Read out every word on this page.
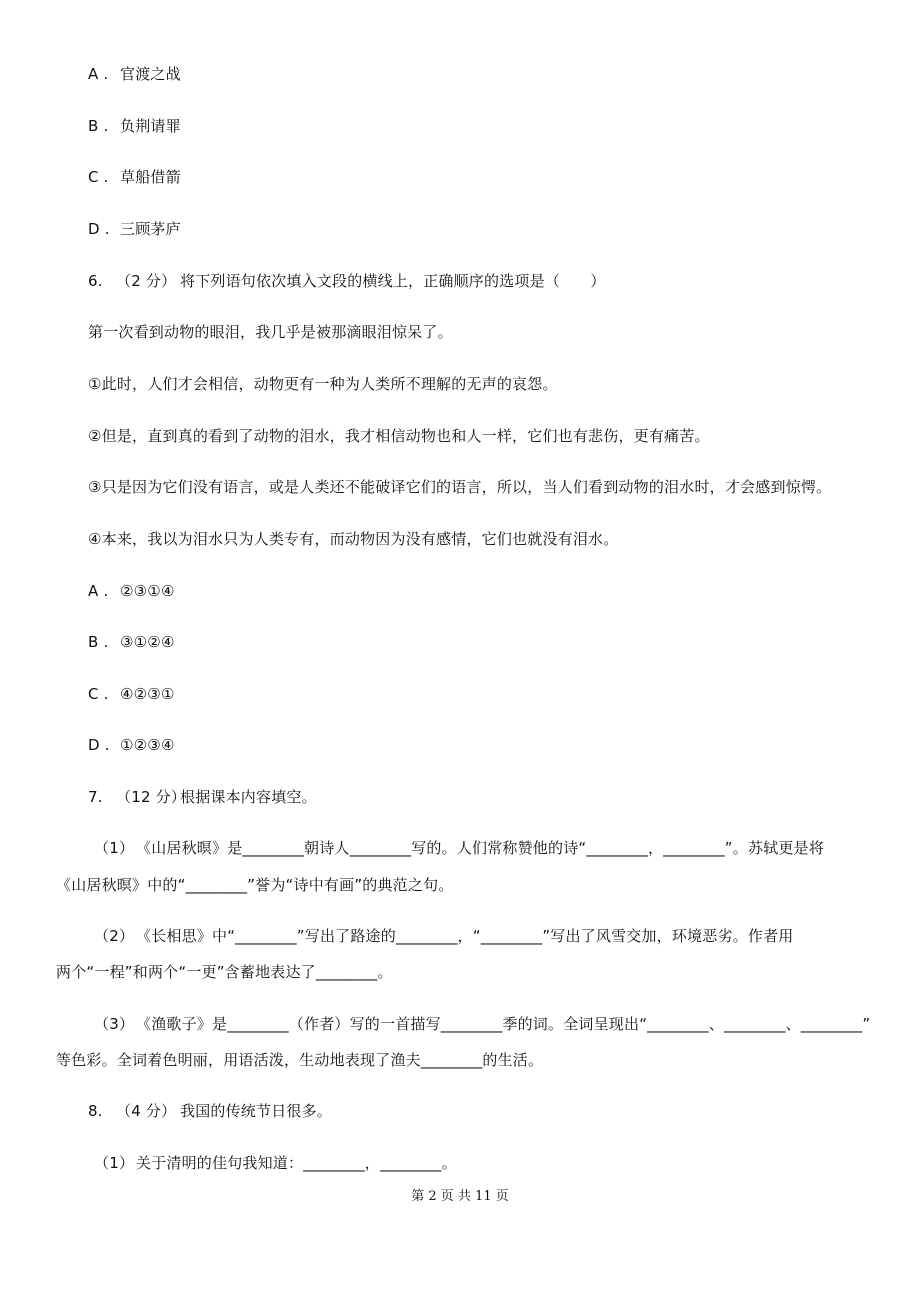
A . 官渡之战
B . 负荆请罪
C . 草船借箭
D . 三顾茅庐
6. （2 分） 将下列语句依次填入文段的横线上，正确顺序的选项是（　　）
第一次看到动物的眼泪，我几乎是被那滴眼泪惊呆了。
①此时，人们才会相信，动物更有一种为人类所不理解的无声的哀怨。
②但是，直到真的看到了动物的泪水，我才相信动物也和人一样，它们也有悲伤，更有痛苦。
③只是因为它们没有语言，或是人类还不能破译它们的语言，所以，当人们看到动物的泪水时，才会感到惊愕。
④本来，我以为泪水只为人类专有，而动物因为没有感情，它们也就没有泪水。
A . ②③①④
B . ③①②④
C . ④②③①
D . ①②③④
7. （12 分）根据课本内容填空。
（1） 《山居秋暝》是________朝诗人________写的。人们常称赞他的诗“________，________”。苏轼更是将
《山居秋暝》中的“________”誉为“诗中有画”的典范之句。
（2） 《长相思》中“________”写出了路途的________，“________”写出了风雪交加，环境恶劣。作者用
两个“一程”和两个“一更”含蓄地表达了________。
（3） 《渔歌子》是________（作者）写的一首描写________季的词。全词呈现出“________、________、________”
等色彩。全词着色明丽，用语活泼，生动地表现了渔夫________的生活。
8. （4 分） 我国的传统节日很多。
（1） 关于清明的佳句我知道：________，________。
第 2 页 共 11 页
